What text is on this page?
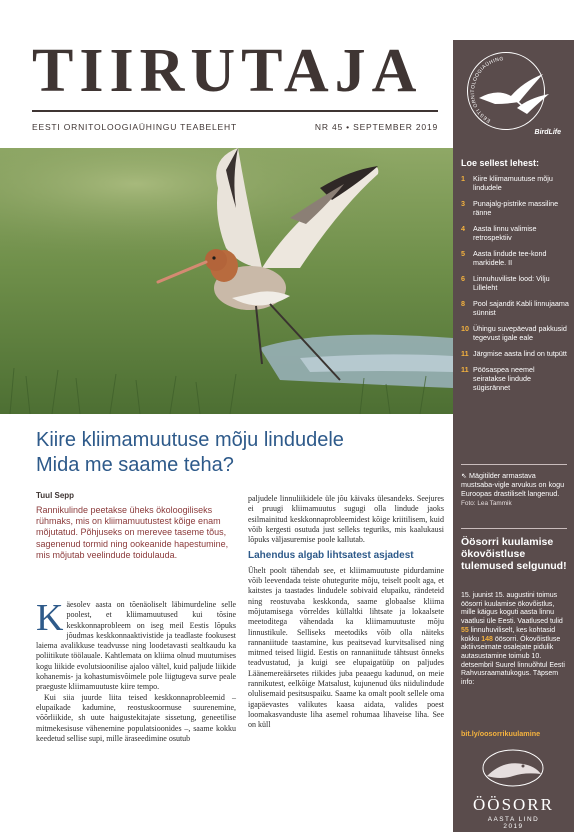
TIIRUTAJA
EESTI ORNITOLOOGIAÜHINGU TEABELEHT	NR 45 • SEPTEMBER 2019
EESTI ORNITOLOOGIAÜHING
BirdLife
Loe sellest lehest:
1	Kiire kliimamuutuse mõju lindudele
3	Punajalg-pistrike massiline ränne
4	Aasta linnu valimise retrospektiiv
5	Aasta lindude tee-kond markidele. II
6	Linnuhuviliste lood: Vilju Lilleleht
8	Pool sajandit Kabli linnujaama sünnist
10 Ühingu suvepäevad pakkusid tegevust igale eale
11 Järgmise aasta lind on tutpütt
11 Pöösaspea neemel seiratakse lindude sügisrännet
⇖ Mägitilder armastava mustsaba-vigle arvukus on kogu Euroopas drastiliselt langenud. Foto: Lea Tammik
Öösorri kuulamise ökovõistluse tulemused selgunud!
15. juunist 15. augustini toimus öösorri kuulamise ökovõistlus, mille käigus koguti aasta linnu vaatlusi üle Eesti. Vaatlused tulid 55 linnuhuviliselt, kes kohtasid kokku 148 öösorri. Ökovõistluse aktiivseimate osalejate pidulik autasustamine toimub 10. detsembril Suurel linnuõhtul Eesti Rahvusraamatukogus. Täpsem info:
bit.ly/oosorrikuulamine
ÖÖSORR
AASTA LIND
2019
Kiire kliimamuutuse mõju lindudele
Mida me saame teha?
Tuul Sepp
Rannikulinde peetakse üheks ökoloogiliseks rühmaks, mis on kliimamuutustest kõige enam mõjutatud. Põhjuseks on merevee taseme tõus, sagenenud tormid ning ookeanide hapestumine, mis mõjutab veelindude toidulauda.

Käesolev aasta on tõenäoliselt läbimurdeline selle poolest, et kliimamuutused kui tõsine keskkonnaprobleem on iseg meil Eestis lõpuks jõudmas keskkonnaaktivistide ja teadlaste fookusest laiema avalikkuse teadvusse ning loodetavasti sealtkaudu ka poliitikute töölauale. Kahtlemata on kliima olnud muutumises kogu liikide evolutsioonilise ajaloo vältel, kuid paljude liikide kohanemis- ja kohastumisvõimele pole liigtugeva surve peale praeguste kliimamuutuste kiire tempo.

Kui siia juurde liita teised keskkonnaprobleemid – elupaikade kadumine, reostuskoormuse suurenemine, võõrliikide, sh uute haigustekitajate sissetung, geneetilise mitmekesisuse vähenemine populatsioonides –, saame kokku keedetud sellise supi, mille äraseedimine osutub

paljudele linnuliikidele üle jõu käivaks ülesandeks. Seejures ei pruugi kliimamuutus sugugi olla lindude jaoks esilmainitud keskkonnaprobleemidest kõige kriitilisem, kuid võib kergesti osutuda just selleks teguriks, mis kaalukausi lõpuks väljasuremise poole kallutab.

Lahendus algab lihtsatest asjadest

Ühelt poolt tähendab see, et kliimamuutuste pidurdamine võib leevendada teiste ohutegurite mõju, teiselt poolt aga, et kaitstes ja taastades lindudele sobivaid elupaiku, rändeteid ning reostuvaba keskkonda, saame globaalse kliima mõjutamisega võrreldes küllaltki lihtsate ja lokaalsete meetoditega vähendada ka kliimamuutuste mõju linnustikule. Selliseks meetodiks võib olla näiteks rannaniitude taastamine, kus peaitsevad kurvitsalised ning mitmed teised liigid. Eestis on rannaniitude tähtsust õnneks teadvustatud, ja kuigi see elupaigatüüp on paljudes Läänemereäärsetes riikides juba peaaegu kadunud, on meie rannikutest, eelkõige Matsalust, kujunenud üks niidulindude olulisemaid pesitsuspaiku. Saame ka omalt poolt sellele oma igapäevastes valikutes kaasa aidata, valides poest loomakasvanduste liha asemel rohumaa lihaveise liha. See on küll
